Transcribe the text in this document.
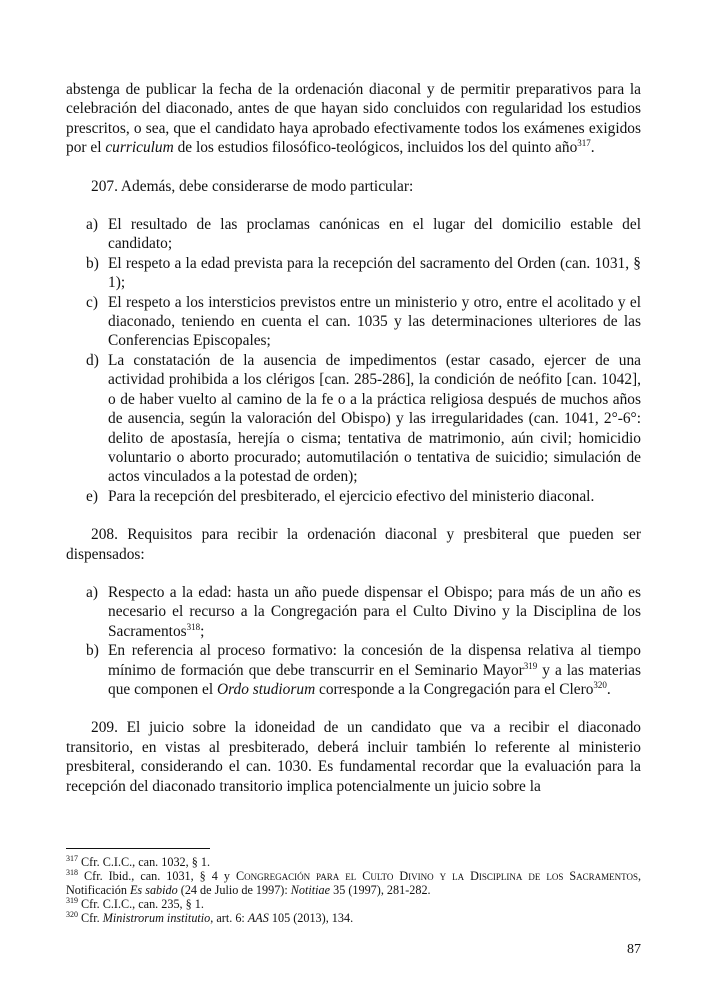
abstenga de publicar la fecha de la ordenación diaconal y de permitir preparativos para la celebración del diaconado, antes de que hayan sido concluidos con regularidad los estudios prescritos, o sea, que el candidato haya aprobado efectivamente todos los exámenes exigidos por el curriculum de los estudios filosófico-teológicos, incluidos los del quinto año$^{317}$.

207. Además, debe considerarse de modo particular:

a) El resultado de las proclamas canónicas en el lugar del domicilio estable del candidato;
b) El respeto a la edad prevista para la recepción del sacramento del Orden (can. 1031, § 1);
c) El respeto a los intersticios previstos entre un ministerio y otro, entre el acolitado y el diaconado, teniendo en cuenta el can. 1035 y las determinaciones ulteriores de las Conferencias Episcopales;
d) La constatación de la ausencia de impedimentos (estar casado, ejercer de una actividad prohibida a los clérigos [can. 285-286], la condición de neófito [can. 1042], o de haber vuelto al camino de la fe o a la práctica religiosa después de muchos años de ausencia, según la valoración del Obispo) y las irregularidades (can. 1041, 2°-6°: delito de apostasía, herejía o cisma; tentativa de matrimonio, aún civil; homicidio voluntario o aborto procurado; automutilación o tentativa de suicidio; simulación de actos vinculados a la potestad de orden);
e) Para la recepción del presbiterado, el ejercicio efectivo del ministerio diaconal.

208. Requisitos para recibir la ordenación diaconal y presbiteral que pueden ser dispensados:

a) Respecto a la edad: hasta un año puede dispensar el Obispo; para más de un año es necesario el recurso a la Congregación para el Culto Divino y la Disciplina de los Sacramentos$^{318}$;
b) En referencia al proceso formativo: la concesión de la dispensa relativa al tiempo mínimo de formación que debe transcurrir en el Seminario Mayor$^{319}$ y a las materias que componen el Ordo studiorum corresponde a la Congregación para el Clero$^{320}$.

209. El juicio sobre la idoneidad de un candidato que va a recibir el diaconado transitorio, en vistas al presbiterado, deberá incluir también lo referente al ministerio presbiteral, considerando el can. 1030. Es fundamental recordar que la evaluación para la recepción del diaconado transitorio implica potencialmente un juicio sobre la

$^{317}$ Cfr. C.I.C., can. 1032, § 1.

$^{318}$ Cfr. Ibid., can. 1031, § 4 y Congregación para el Culto Divino y la Disciplina de los Sacramentos, Notificación Es sabido (24 de Julio de 1997): Notitiae 35 (1997), 281-282.

$^{319}$ Cfr. C.I.C., can. 235, § 1.

$^{320}$ Cfr. Ministrorum institutio, art. 6: AAS 105 (2013), 134.

87
